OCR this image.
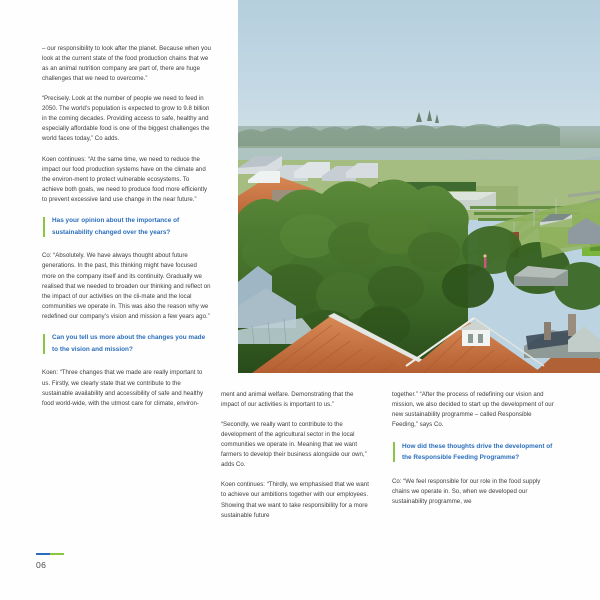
– our responsibility to look after the planet. Because when you look at the current state of the food production chains that we as an animal nutrition company are part of, there are huge challenges that we need to overcome.”

“Precisely. Look at the number of people we need to feed in 2050. The world’s population is expected to grow to 9.8 billion in the coming decades. Providing access to safe, healthy and especially affordable food is one of the biggest challenges the world faces today,” Co adds.

Koen continues: “At the same time, we need to reduce the impact our food production systems have on the climate and the environ-ment to protect vulnerable ecosystems. To achieve both goals, we need to produce food more efficiently to prevent excessive land use change in the near future.”

Has your opinion about the importance of sustainability changed over the years?

Co: “Absolutely. We have always thought about future generations. In the past, this thinking might have focused more on the company itself and its continuity. Gradually we realised that we needed to broaden our thinking and reflect on the impact of our activities on the cli-mate and the local communities we operate in. This was also the reason why we redefined our company’s vision and mission a few years ago.”

Can you tell us more about the changes you made to the vision and mission?

Koen: “Three changes that we made are really important to us. Firstly, we clearly state that we contribute to the sustainable availability and accessibility of safe and healthy food world-wide, with the utmost care for climate, environ-

ment and animal welfare. Demonstrating that the impact of our activities is important to us.”

“Secondly, we really want to contribute to the development of the agricultural sector in the local communities we operate in. Meaning that we want farmers to develop their business alongside our own,” adds Co.

Koen continues: “Thirdly, we emphasised that we want to achieve our ambitions together with our employees. Showing that we want to take responsibility for a more sustainable future

together.” “After the process of redefining our vision and mission, we also decided to start up the development of our new sustainability programme – called Responsible Feeding,” says Co.

How did these thoughts drive the development of the Responsible Feeding Programme?

Co: “We feel responsible for our role in the food supply chains we operate in. So, when we developed our sustainability programme, we

06
